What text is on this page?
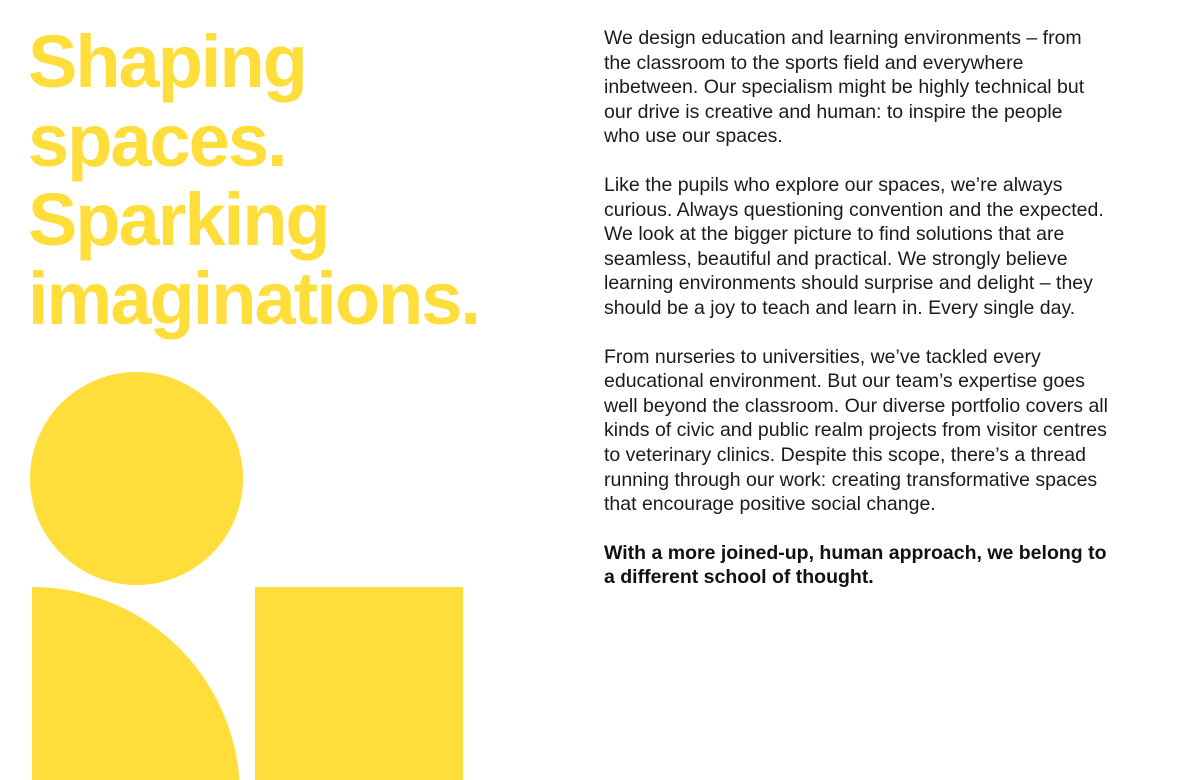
Shaping
spaces.
Sparking
imaginations.

We design education and learning environments – from
the classroom to the sports field and everywhere
inbetween. Our specialism might be highly technical but
our drive is creative and human: to inspire the people
who use our spaces.

Like the pupils who explore our spaces, we’re always
curious. Always questioning convention and the expected.
We look at the bigger picture to find solutions that are
seamless, beautiful and practical. We strongly believe
learning environments should surprise and delight – they
should be a joy to teach and learn in. Every single day.

From nurseries to universities, we’ve tackled every
educational environment. But our team’s expertise goes
well beyond the classroom. Our diverse portfolio covers all
kinds of civic and public realm projects from visitor centres
to veterinary clinics. Despite this scope, there’s a thread
running through our work: creating transformative spaces
that encourage positive social change.

With a more joined-up, human approach, we belong to
a different school of thought.
